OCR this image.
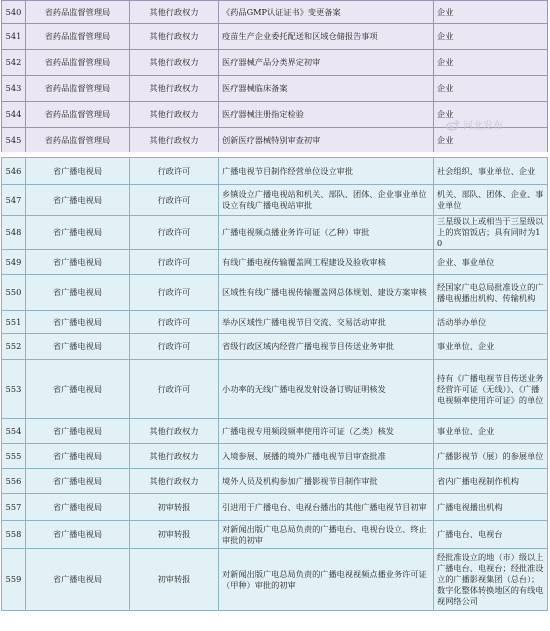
540	省药品监督管理局	其他行政权力	《药品GMP认证证书》变更备案	企业
541	省药品监督管理局	其他行政权力	疫苗生产企业委托配送和区域仓储报告事项	企业
542	省药品监督管理局	其他行政权力	医疗器械产品分类界定初审	企业
543	省药品监督管理局	其他行政权力	医疗器械临床备案	企业
544	省药品监督管理局	其他行政权力	医疗器械注册指定检验	企业
545	省药品监督管理局	其他行政权力	创新医疗器械特别审查初审	企业
河北发布
546	省广播电视局	行政许可	广播电视节目制作经营单位设立审批	社会组织、事业单位、企业
547	省广播电视局	行政许可	乡镇设立广播电视站和机关、部队、团体、企业事业单位设立有线广播电视站审批	机关、部队、团体、企业、事业单位
548	省广播电视局	行政许可	广播电视频点播业务许可证（乙种）审批	三星级以上或相当于三星级以上的宾馆饭店；具有同时为10
549	省广播电视局	行政许可	有线广播电视传输覆盖网工程建设及验收审核	企业、事业单位
550	省广播电视局	行政许可	区域性有线广播电视传输覆盖网总体规划、建设方案审核	经国家广电总局批准设立的广播电视播出机构、传输机构
551	省广播电视局	行政许可	举办区域性广播电视节目交流、交易活动审批	活动举办单位
552	省广播电视局	行政许可	省级行政区域内经营广播电视节目传送业务审批	事业单位、企业
553	省广播电视局	行政许可	小功率的无线广播电视发射设备订购证明核发	持有《广播电视节目传送业务经营许可证（无线）》、《广播电视频率使用许可证》的单位
554	省广播电视局	其他行政权力	广播电视专用频段频率使用许可证（乙类）核发	事业单位、企业
555	省广播电视局	其他行政权力	入境参展、展播的境外广播电视节目审查批准	广播影视节（展）的参展单位
556	省广播电视局	其他行政权力	境外人员及机构参加广播影视节目制作审批	省内广播电视制作机构
557	省广播电视局	初审转报	引进用于广播电台、电视台播出的其他广播电视节目初审	广播电视播出机构
558	省广播电视局	初审转报	对新闻出版广电总局负责的广播电台、电视台设立、终止审批的初审	广播电台、电视台
559	省广播电视局	初审转报	对新闻出版广电总局负责的广播电视视频点播业务许可证（甲种）审批的初审	经批准设立的地（市）级以上广播电台、电视台；经批准设立的广播影视集团（总台）；数字化整体转换地区的有线电视网络公司
